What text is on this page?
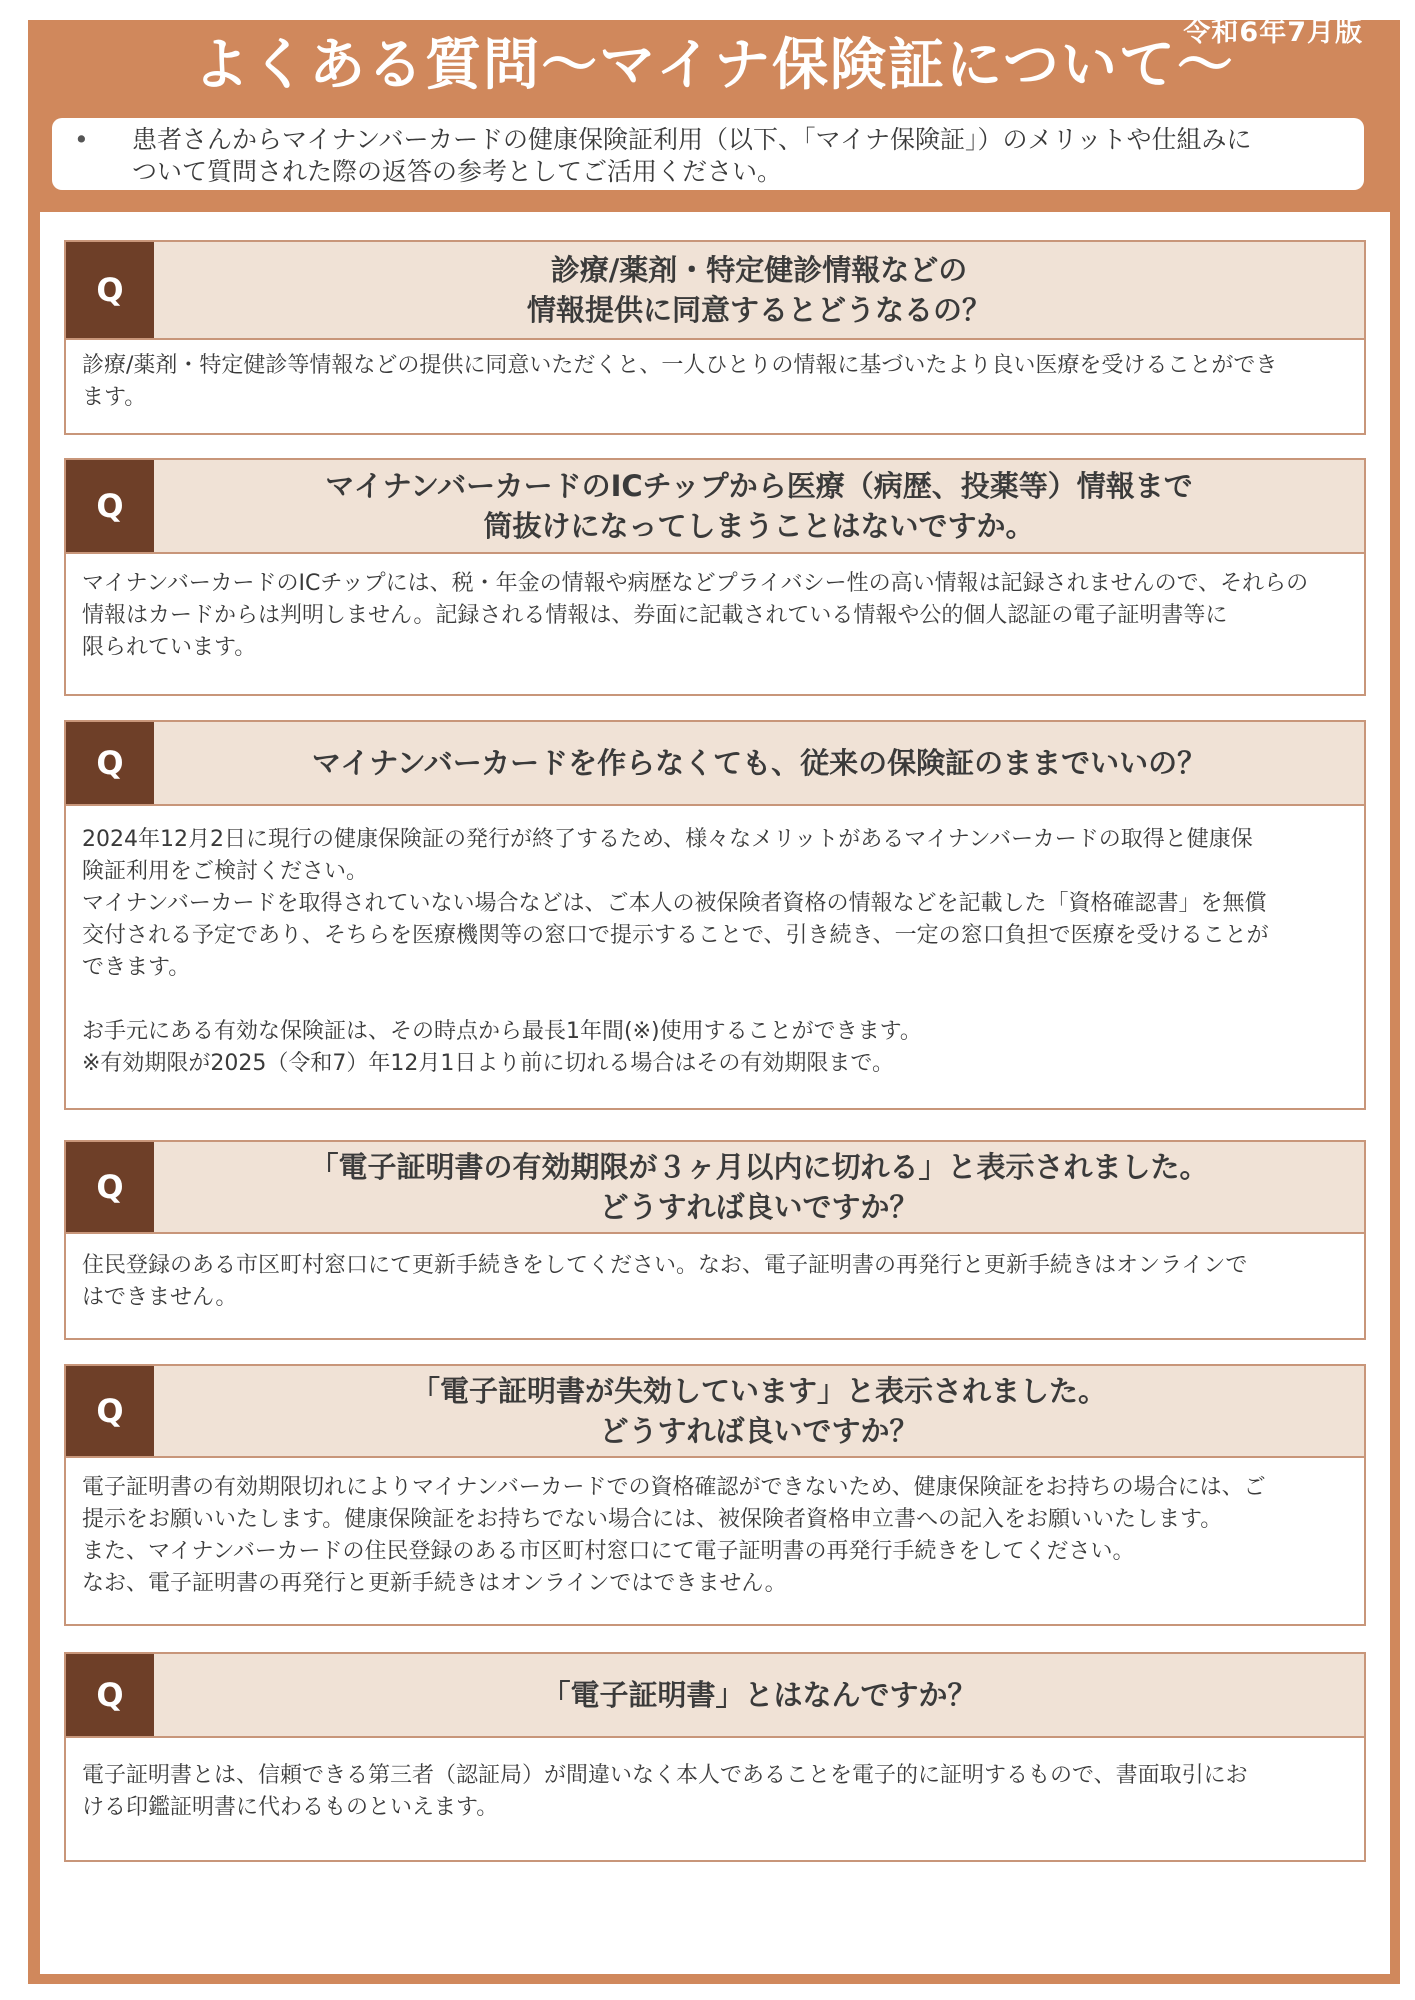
令和6年7月版
よくある質問～マイナ保険証について～
• 患者さんからマイナンバーカードの健康保険証利用（以下、「マイナ保険証」）のメリットや仕組みに
ついて質問された際の返答の参考としてご活用ください。
Q
診療/薬剤・特定健診情報などの
情報提供に同意するとどうなるの？

診療/薬剤・特定健診等情報などの提供に同意いただくと、一人ひとりの情報に基づいたより良い医療を受けることができ

ます。

Q
マイナンバーカードのICチップから医療（病歴、投薬等）情報まで
筒抜けになってしまうことはないですか。

マイナンバーカードのICチップには、税・年金の情報や病歴などプライバシー性の高い情報は記録されませんので、それらの

情報はカードからは判明しません。記録される情報は、券面に記載されている情報や公的個人認証の電子証明書等に

限られています。

Q	マイナンバーカードを作らなくても、従来の保険証のままでいいの？

2024年12月2日に現行の健康保険証の発行が終了するため、様々なメリットがあるマイナンバーカードの取得と健康保

険証利用をご検討ください。

マイナンバーカードを取得されていない場合などは、ご本人の被保険者資格の情報などを記載した「資格確認書」を無償

交付される予定であり、そちらを医療機関等の窓口で提示することで、引き続き、一定の窓口負担で医療を受けることが

できます。

お手元にある有効な保険証は、その時点から最長1年間(※)使用することができます。

※有効期限が2025（令和7）年12月1日より前に切れる場合はその有効期限まで。

Q
「電子証明書の有効期限が３ヶ月以内に切れる」と表示されました。
どうすれば良いですか？

住民登録のある市区町村窓口にて更新手続きをしてください。なお、電子証明書の再発行と更新手続きはオンラインで

はできません。

Q
「電子証明書が失効しています」と表示されました。
どうすれば良いですか？

電子証明書の有効期限切れによりマイナンバーカードでの資格確認ができないため、健康保険証をお持ちの場合には、ご

提示をお願いいたします。健康保険証をお持ちでない場合には、被保険者資格申立書への記入をお願いいたします。

また、マイナンバーカードの住民登録のある市区町村窓口にて電子証明書の再発行手続きをしてください。

なお、電子証明書の再発行と更新手続きはオンラインではできません。

Q	「電子証明書」とはなんですか？

電子証明書とは、信頼できる第三者（認証局）が間違いなく本人であることを電子的に証明するもので、書面取引にお

ける印鑑証明書に代わるものといえます。
